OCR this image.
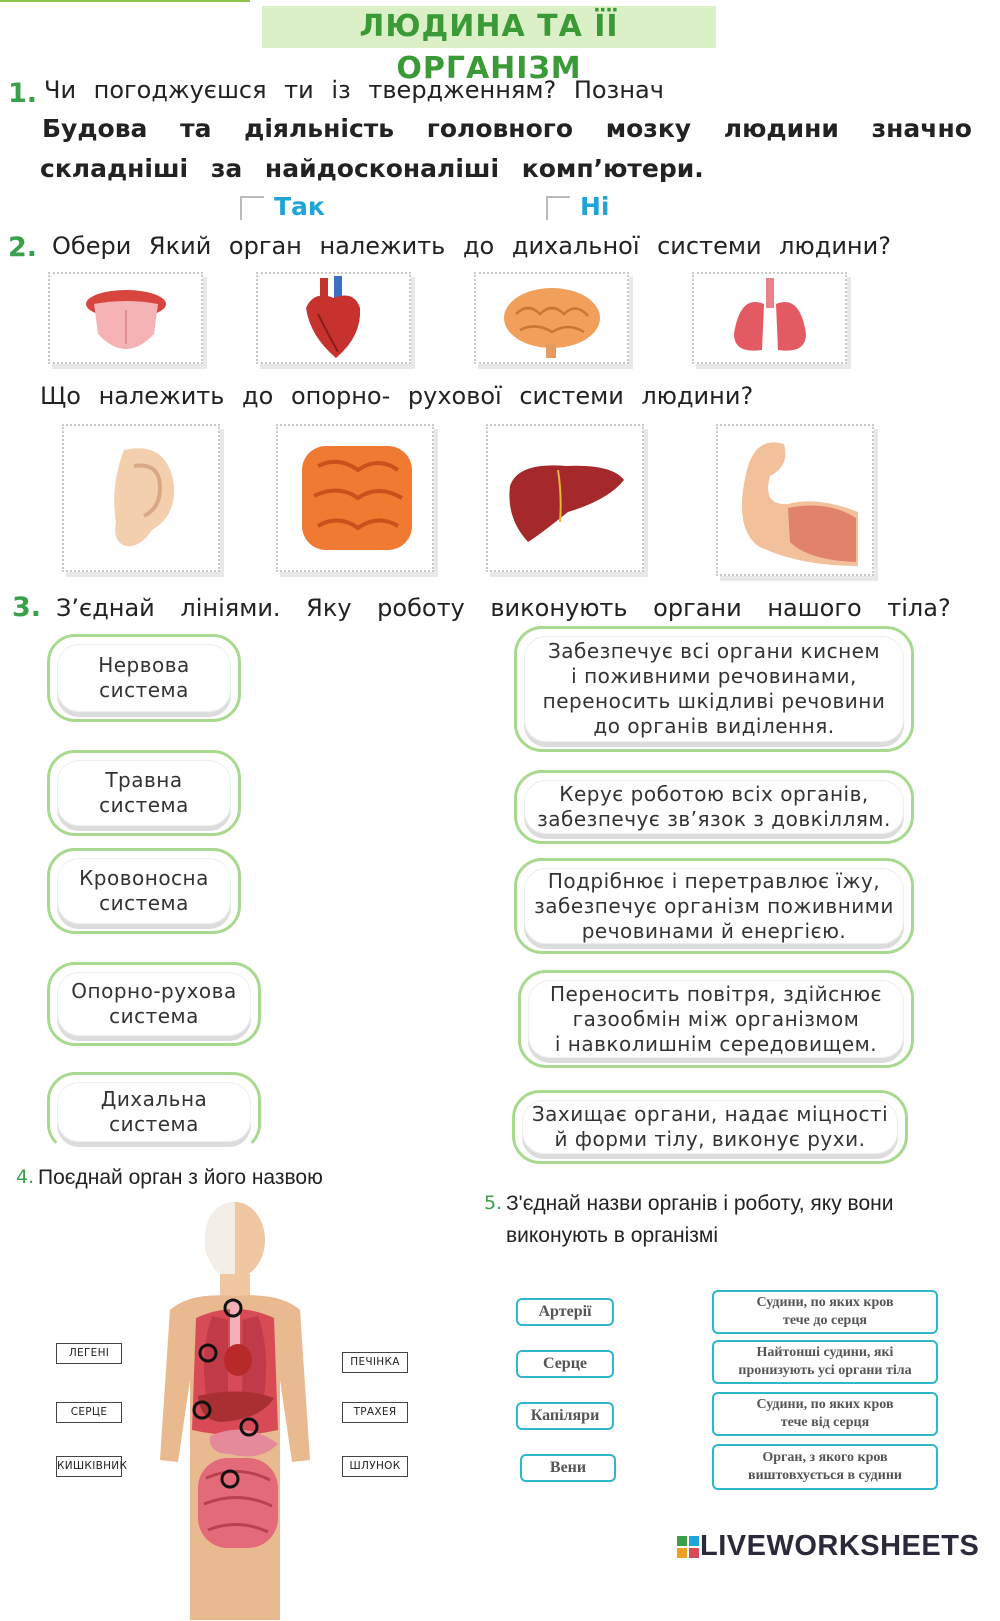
ЛЮДИНА ТА ЇЇ ОРГАНІЗМ
1. Чи погоджуєшся ти із твердженням? Познач
Будова та діяльність головного мозку людини значно
складніші за найдосконаліші комп’ютери.
Так	Ні
2. Обери Який орган належить до дихальної системи людини?
Що належить до опорно- рухової системи людини?
3. З’єднай лініями. Яку роботу виконують органи нашого тіла?
Нервова
система
Травна
система
Кровоносна
система
Опорно-рухова
система
Дихальна
система
Забезпечує всі органи киснем
і поживними речовинами,
переносить шкідливі речовини
до органів виділення.
Керує роботою всіх органів,
забезпечує зв’язок з довкіллям.
Подрібнює і перетравлює їжу,
забезпечує організм поживними
речовинами й енергією.
Переносить повітря, здійснює
газообмін між організмом
і навколишнім середовищем.
Захищає органи, надає міцності
й форми тілу, виконує рухи.
4. Поєднай орган з його назвою
ЛЕГЕНІ
СЕРЦЕ
КИШКІВНИК
ПЕЧІНКА
ТРАХЕЯ
ШЛУНОК
5. З'єднай назви органів і роботу, яку вони
виконують в організмі
Артерії
Серце
Капіляри
Вени
Судини, по яких кров
тече до серця
Найтонші судини, які
пронизують усі органи тіла
Судини, по яких кров
тече від серця
Орган, з якого кров
виштовхується в судини
LIVEWORKSHEETS
